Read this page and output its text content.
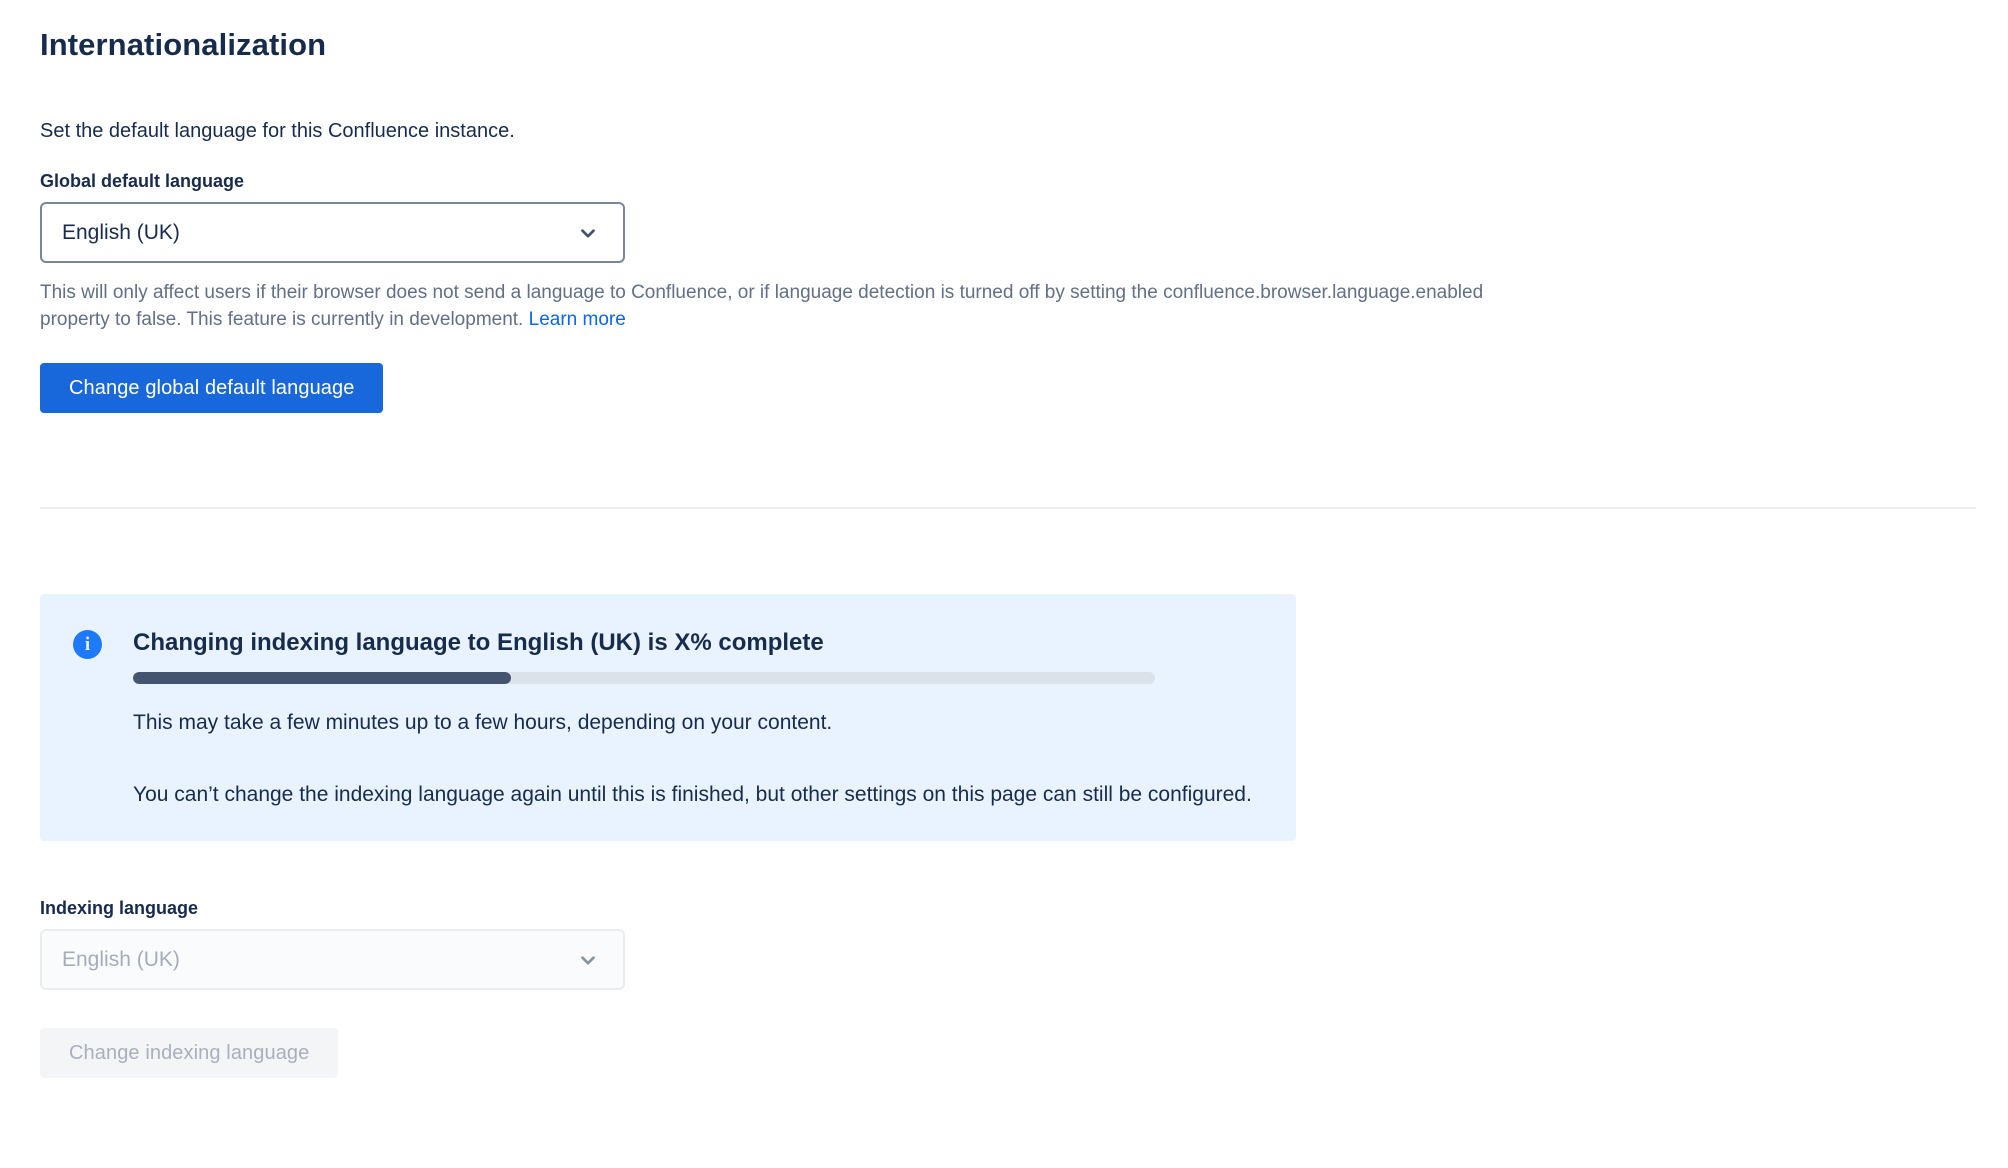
Internationalization

Set the default language for this Confluence instance.

Global default language
English (UK)

This will only affect users if their browser does not send a language to Confluence, or if language detection is turned off by setting the confluence.browser.language.enabled
property to false. This feature is currently in development. Learn more

Change global default language
i	Changing indexing language to English (UK) is X% complete

This may take a few minutes up to a few hours, depending on your content.

You can’t change the indexing language again until this is finished, but other settings on this page can still be configured.

Indexing language
English (UK)
Change indexing language
